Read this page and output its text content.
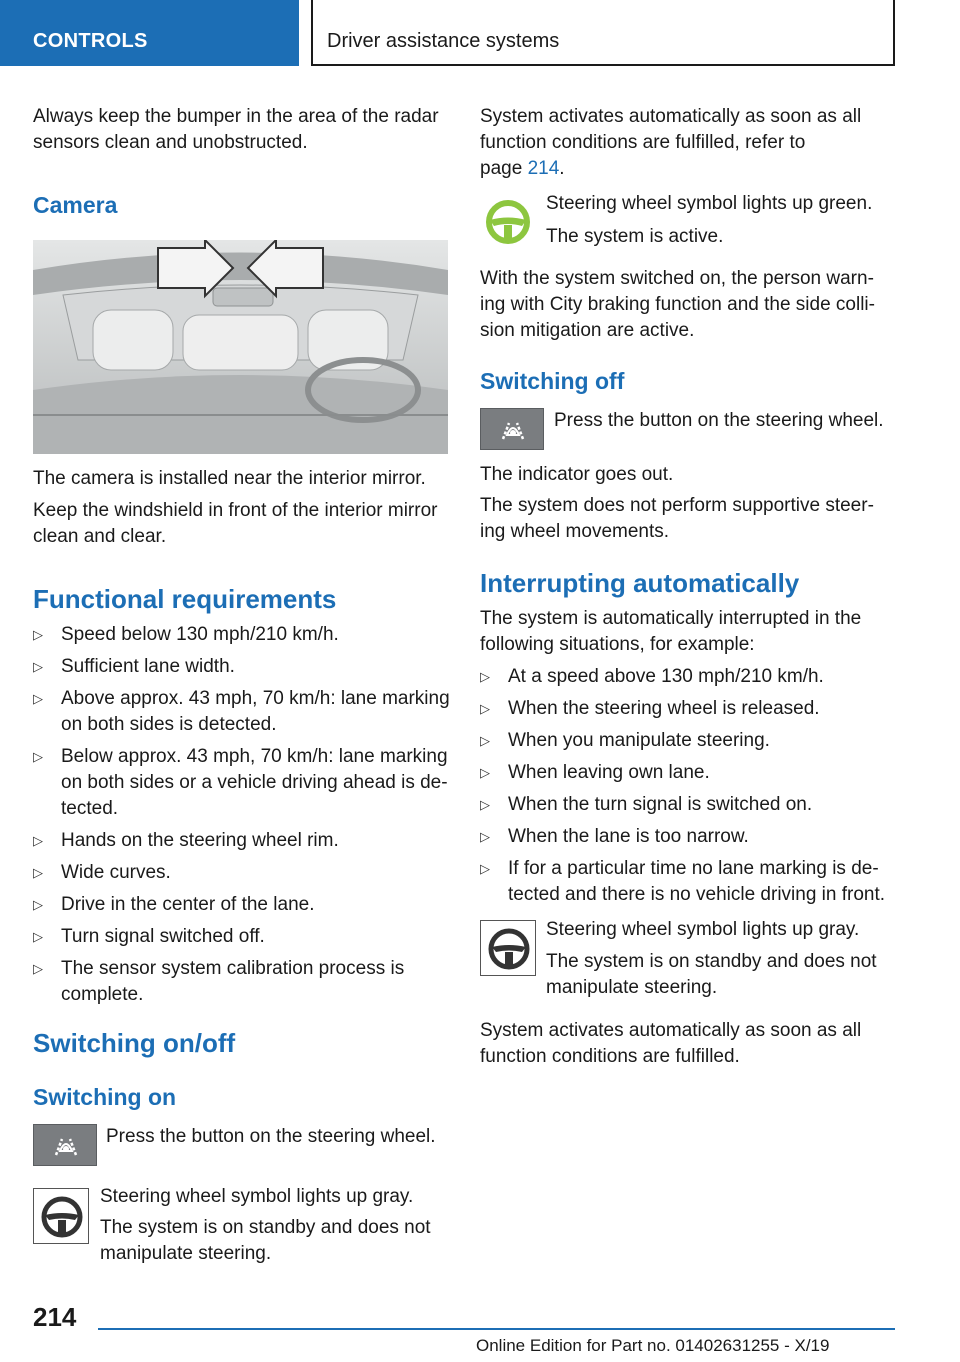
CONTROLS	Driver assistance systems
Always keep the bumper in the area of the radar sensors clean and unobstructed.
Camera
The camera is installed near the interior mirror.
Keep the windshield in front of the interior mirror clean and clear.
Functional requirements
▷ Speed below 130 mph/210 km/h.
▷ Sufficient lane width.
▷ Above approx. 43 mph, 70 km/h: lane marking on both sides is detected.
▷ Below approx. 43 mph, 70 km/h: lane marking on both sides or a vehicle driving ahead is detected.
▷ Hands on the steering wheel rim.
▷ Wide curves.
▷ Drive in the center of the lane.
▷ Turn signal switched off.
▷ The sensor system calibration process is complete.
Switching on/off
Switching on
Press the button on the steering wheel.
Steering wheel symbol lights up gray.
The system is on standby and does not manipulate steering.
System activates automatically as soon as all function conditions are fulfilled, refer to
page 214.
Steering wheel symbol lights up green.
The system is active.
With the system switched on, the person warning with City braking function and the side collision mitigation are active.
Switching off
Press the button on the steering wheel.
The indicator goes out.
The system does not perform supportive steering wheel movements.
Interrupting automatically
The system is automatically interrupted in the following situations, for example:
▷ At a speed above 130 mph/210 km/h.
▷ When the steering wheel is released.
▷ When you manipulate steering.
▷ When leaving own lane.
▷ When the turn signal is switched on.
▷ When the lane is too narrow.
▷ If for a particular time no lane marking is detected and there is no vehicle driving in front.
Steering wheel symbol lights up gray.
The system is on standby and does not manipulate steering.
System activates automatically as soon as all function conditions are fulfilled.
214
Online Edition for Part no. 01402631255 - X/19
